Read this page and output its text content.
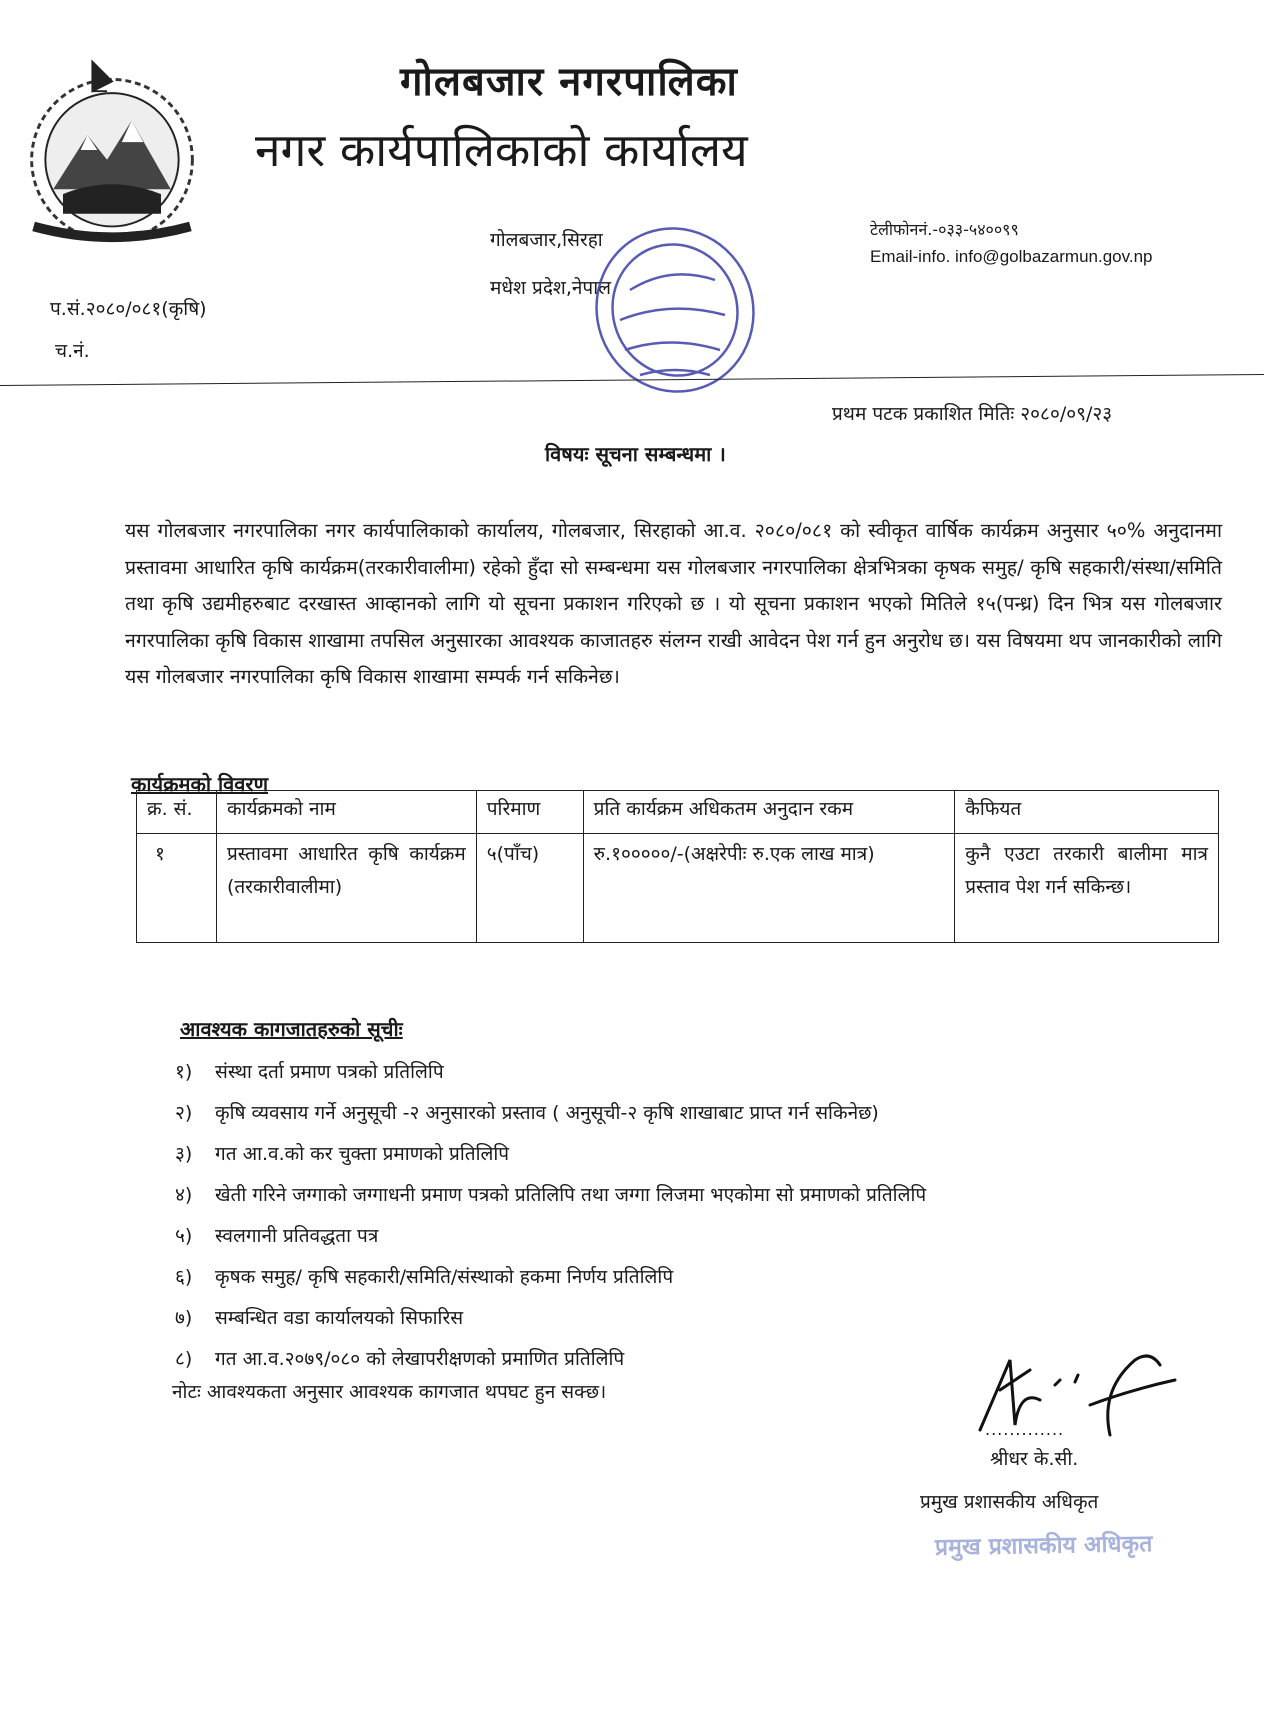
गोलबजार नगरपालिका
नगर कार्यपालिकाको कार्यालय
गोलबजार,सिरहा
मधेश प्रदेश,नेपाल
टेलीफोननं.-०३३-५४००९९
Email-info. info@golbazarmun.gov.np
प.सं.२०८०/०८१(कृषि)
च.नं.
प्रथम पटक प्रकाशित मितिः २०८०/०९/२३
विषयः सूचना सम्बन्धमा ।
यस गोलबजार नगरपालिका नगर कार्यपालिकाको कार्यालय, गोलबजार, सिरहाको आ.व. २०८०/०८१ को स्वीकृत वार्षिक कार्यक्रम अनुसार ५०% अनुदानमा प्रस्तावमा आधारित कृषि कार्यक्रम(तरकारीवालीमा) रहेको हुँदा सो सम्बन्धमा यस गोलबजार नगरपालिका क्षेत्रभित्रका कृषक समुह/ कृषि सहकारी/संस्था/समिति तथा कृषि उद्यमीहरुबाट दरखास्त आव्हानको लागि यो सूचना प्रकाशन गरिएको छ । यो सूचना प्रकाशन भएको मितिले १५(पन्ध्र) दिन भित्र यस गोलबजार नगरपालिका कृषि विकास शाखामा तपसिल अनुसारका आवश्यक काजातहरु संलग्न राखी आवेदन पेश गर्न हुन अनुरोध छ। यस विषयमा थप जानकारीको लागि यस गोलबजार नगरपालिका कृषि विकास शाखामा सम्पर्क गर्न सकिनेछ।
कार्यक्रमको विवरण
क्र. सं.	कार्यक्रमको नाम	परिमाण	प्रति कार्यक्रम अधिकतम अनुदान रकम	कैफियत
१	प्रस्तावमा आधारित कृषि कार्यक्रम (तरकारीवालीमा)	५(पाँच)	रु.१०००००/-(अक्षरेपीः रु.एक लाख मात्र)	कुनै एउटा तरकारी बालीमा मात्र प्रस्ताव पेश गर्न सकिन्छ।
आवश्यक कागजातहरुको सूचीः
१) संस्था दर्ता प्रमाण पत्रको प्रतिलिपि
२) कृषि व्यवसाय गर्ने अनुसूची -२ अनुसारको प्रस्ताव ( अनुसूची-२ कृषि शाखाबाट प्राप्त गर्न सकिनेछ)
३) गत आ.व.को कर चुक्ता प्रमाणको प्रतिलिपि
४) खेती गरिने जग्गाको जग्गाधनी प्रमाण पत्रको प्रतिलिपि तथा जग्गा लिजमा भएकोमा सो प्रमाणको प्रतिलिपि
५) स्वलगानी प्रतिवद्धता पत्र
६) कृषक समुह/ कृषि सहकारी/समिति/संस्थाको हकमा निर्णय प्रतिलिपि
७) सम्बन्धित वडा कार्यालयको सिफारिस
८) गत आ.व.२०७९/०८० को लेखापरीक्षणको प्रमाणित प्रतिलिपि
नोटः आवश्यकता अनुसार आवश्यक कागजात थपघट हुन सक्छ।
.............
श्रीधर के.सी.
प्रमुख प्रशासकीय अधिकृत
प्रमुख प्रशासकीय अधिकृत
